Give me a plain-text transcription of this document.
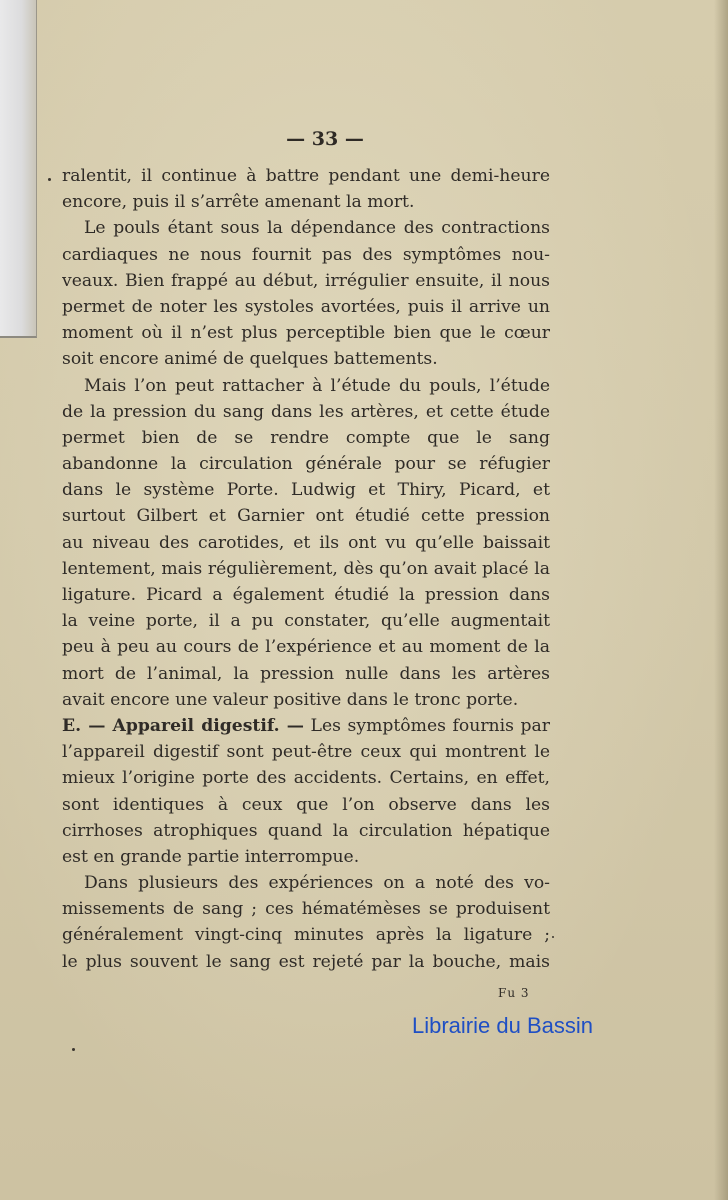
— 33 —
ralentit, il continue à battre pendant une demi-heure
encore, puis il s’arrête amenant la mort.
Le pouls étant sous la dépendance des contractions
cardiaques ne nous fournit pas des symptômes nou-
veaux. Bien frappé au début, irrégulier ensuite, il nous
permet de noter les systoles avortées, puis il arrive un
moment où il n’est plus perceptible bien que le cœur
soit encore animé de quelques battements.
Mais l’on peut rattacher à l’étude du pouls, l’étude
de la pression du sang dans les artères, et cette étude
permet bien de se rendre compte que le sang
abandonne la circulation générale pour se réfugier
dans le système Porte. Ludwig et Thiry, Picard, et
surtout Gilbert et Garnier ont étudié cette pression
au niveau des carotides, et ils ont vu qu’elle baissait
lentement, mais régulièrement, dès qu’on avait placé la
ligature. Picard a également étudié la pression dans
la veine porte, il a pu constater, qu’elle augmentait
peu à peu au cours de l’expérience et au moment de la
mort de l’animal, la pression nulle dans les artères
avait encore une valeur positive dans le tronc porte.
E. — Appareil digestif. — Les symptômes fournis par
l’appareil digestif sont peut-être ceux qui montrent le
mieux l’origine porte des accidents. Certains, en effet,
sont identiques à ceux que l’on observe dans les
cirrhoses atrophiques quand la circulation hépatique
est en grande partie interrompue.
Dans plusieurs des expériences on a noté des vo-
missements de sang ; ces hématémèses se produisent
généralement vingt-cinq minutes après la ligature ;
le plus souvent le sang est rejeté par la bouche, mais
Fu 3
Librairie du Bassin
